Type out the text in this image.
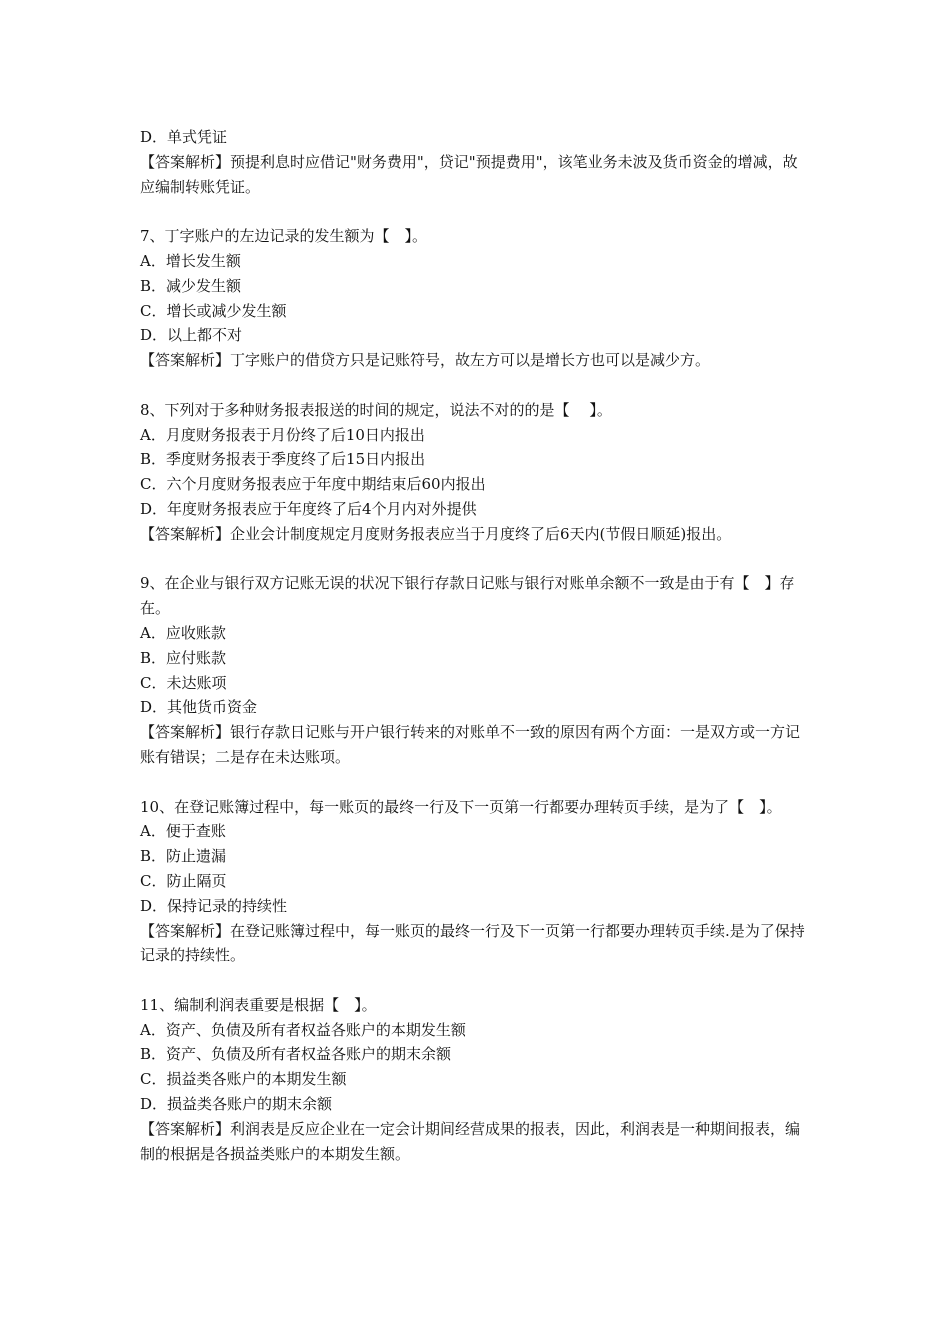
D．单式凭证
【答案解析】预提利息时应借记"财务费用"，贷记"预提费用"，该笔业务未波及货币资金的增减，故应编制转账凭证。
7、丁字账户的左边记录的发生额为【　】。
A．增长发生额
B．减少发生额
C．增长或减少发生额
D．以上都不对
【答案解析】丁字账户的借贷方只是记账符号，故左方可以是增长方也可以是减少方。
8、下列对于多种财务报表报送的时间的规定，说法不对的的是【　 】。
A．月度财务报表于月份终了后10日内报出
B．季度财务报表于季度终了后15日内报出
C．六个月度财务报表应于年度中期结束后60内报出
D．年度财务报表应于年度终了后4个月内对外提供
【答案解析】企业会计制度规定月度财务报表应当于月度终了后6天内(节假日顺延)报出。
9、在企业与银行双方记账无误的状况下银行存款日记账与银行对账单余额不一致是由于有【　】存在。
A．应收账款
B．应付账款
C．未达账项
D．其他货币资金
【答案解析】银行存款日记账与开户银行转来的对账单不一致的原因有两个方面：一是双方或一方记账有错误；二是存在未达账项。
10、在登记账簿过程中，每一账页的最终一行及下一页第一行都要办理转页手续，是为了【　】。
A．便于查账
B．防止遗漏
C．防止隔页
D．保持记录的持续性
【答案解析】在登记账簿过程中，每一账页的最终一行及下一页第一行都要办理转页手续.是为了保持记录的持续性。
11、编制利润表重要是根据【　】。
A．资产、负债及所有者权益各账户的本期发生额
B．资产、负债及所有者权益各账户的期末余额
C．损益类各账户的本期发生额
D．损益类各账户的期末余额
【答案解析】利润表是反应企业在一定会计期间经营成果的报表，因此，利润表是一种期间报表，编制的根据是各损益类账户的本期发生额。
